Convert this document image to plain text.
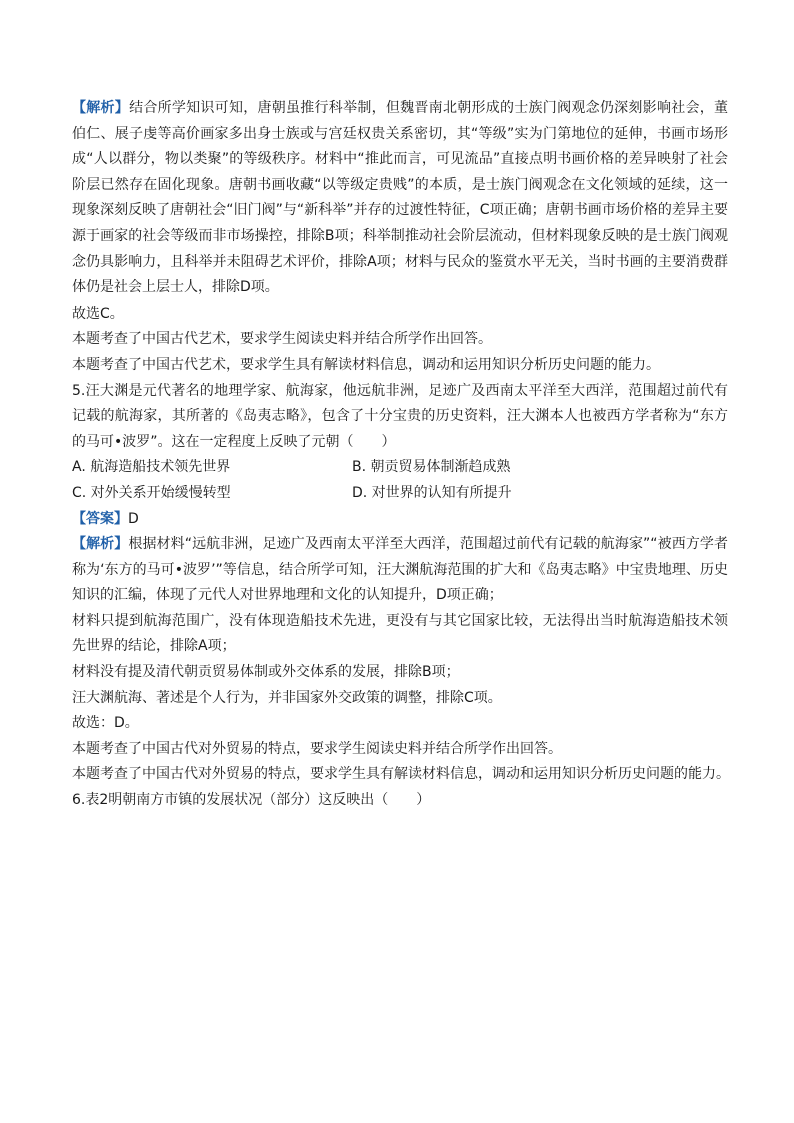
【解析】结合所学知识可知，唐朝虽推行科举制，但魏晋南北朝形成的士族门阀观念仍深刻影响社会，董伯仁、展子虔等高价画家多出身士族或与宫廷权贵关系密切，其“等级”实为门第地位的延伸，书画市场形成“人以群分，物以类聚”的等级秩序。材料中“推此而言，可见流品”直接点明书画价格的差异映射了社会阶层已然存在固化现象。唐朝书画收藏“以等级定贵贱”的本质，是士族门阀观念在文化领域的延续，这一现象深刻反映了唐朝社会“旧门阀”与“新科举”并存的过渡性特征，C项正确；唐朝书画市场价格的差异主要源于画家的社会等级而非市场操控，排除B项；科举制推动社会阶层流动，但材料现象反映的是士族门阀观念仍具影响力，且科举并未阻碍艺术评价，排除A项；材料与民众的鉴赏水平无关，当时书画的主要消费群体仍是社会上层士人，排除D项。

故选C。

本题考查了中国古代艺术，要求学生阅读史料并结合所学作出回答。

本题考查了中国古代艺术，要求学生具有解读材料信息，调动和运用知识分析历史问题的能力。

5.汪大渊是元代著名的地理学家、航海家，他远航非洲，足迹广及西南太平洋至大西洋，范围超过前代有记载的航海家，其所著的《岛夷志略》，包含了十分宝贵的历史资料，汪大渊本人也被西方学者称为“东方的马可•波罗”。这在一定程度上反映了元朝（　　）

A. 航海造船技术领先世界	B. 朝贡贸易体制渐趋成熟
C. 对外关系开始缓慢转型	D. 对世界的认知有所提升

【答案】D

【解析】根据材料“远航非洲，足迹广及西南太平洋至大西洋，范围超过前代有记载的航海家”“被西方学者称为‘东方的马可•波罗’”等信息，结合所学可知，汪大渊航海范围的扩大和《岛夷志略》中宝贵地理、历史知识的汇编，体现了元代人对世界地理和文化的认知提升，D项正确；

材料只提到航海范围广，没有体现造船技术先进，更没有与其它国家比较，无法得出当时航海造船技术领先世界的结论，排除A项；

材料没有提及清代朝贡贸易体制或外交体系的发展，排除B项；

汪大渊航海、著述是个人行为，并非国家外交政策的调整，排除C项。

故选：D。

本题考查了中国古代对外贸易的特点，要求学生阅读史料并结合所学作出回答。

本题考查了中国古代对外贸易的特点，要求学生具有解读材料信息，调动和运用知识分析历史问题的能力。

6.表2明朝南方市镇的发展状况（部分）这反映出（　　）
